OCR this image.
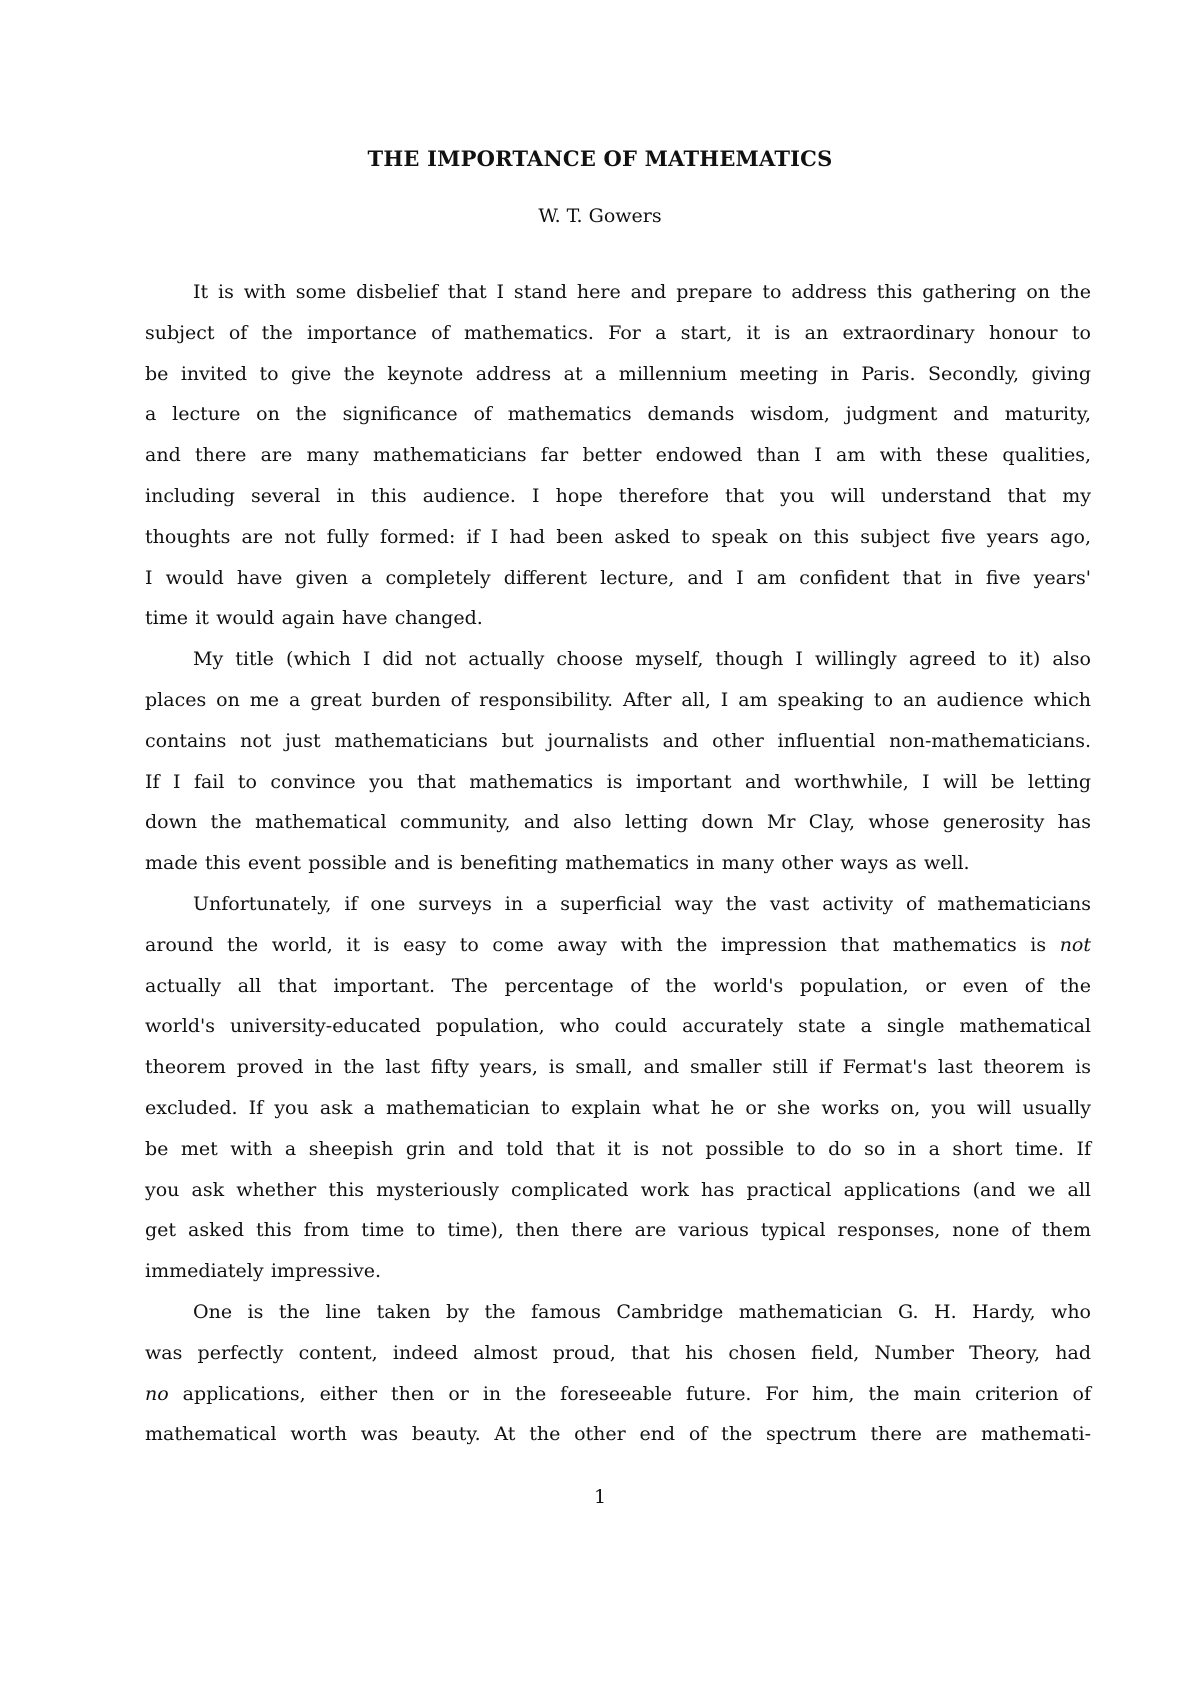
THE IMPORTANCE OF MATHEMATICS
W. T. Gowers
It is with some disbelief that I stand here and prepare to address this gathering on the
subject of the importance of mathematics. For a start, it is an extraordinary honour to
be invited to give the keynote address at a millennium meeting in Paris. Secondly, giving
a lecture on the significance of mathematics demands wisdom, judgment and maturity,
and there are many mathematicians far better endowed than I am with these qualities,
including several in this audience. I hope therefore that you will understand that my
thoughts are not fully formed: if I had been asked to speak on this subject five years ago,
I would have given a completely different lecture, and I am confident that in five years'
time it would again have changed.
My title (which I did not actually choose myself, though I willingly agreed to it) also
places on me a great burden of responsibility. After all, I am speaking to an audience which
contains not just mathematicians but journalists and other influential non-mathematicians.
If I fail to convince you that mathematics is important and worthwhile, I will be letting
down the mathematical community, and also letting down Mr Clay, whose generosity has
made this event possible and is benefiting mathematics in many other ways as well.
Unfortunately, if one surveys in a superficial way the vast activity of mathematicians
around the world, it is easy to come away with the impression that mathematics is not
actually all that important. The percentage of the world's population, or even of the
world's university-educated population, who could accurately state a single mathematical
theorem proved in the last fifty years, is small, and smaller still if Fermat's last theorem is
excluded. If you ask a mathematician to explain what he or she works on, you will usually
be met with a sheepish grin and told that it is not possible to do so in a short time. If
you ask whether this mysteriously complicated work has practical applications (and we all
get asked this from time to time), then there are various typical responses, none of them
immediately impressive.
One is the line taken by the famous Cambridge mathematician G. H. Hardy, who
was perfectly content, indeed almost proud, that his chosen field, Number Theory, had
no applications, either then or in the foreseeable future. For him, the main criterion of
mathematical worth was beauty. At the other end of the spectrum there are mathemati-
1
